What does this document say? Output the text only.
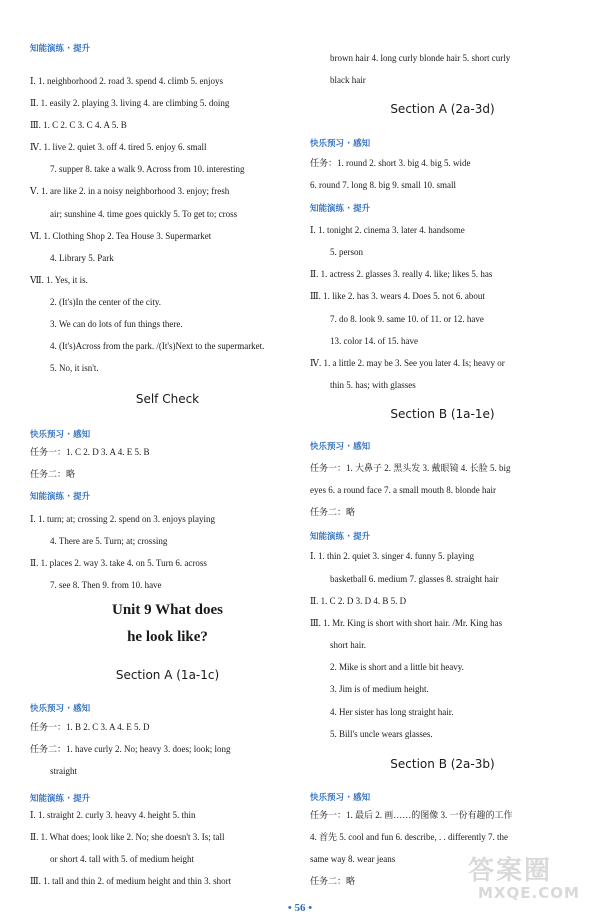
知能演练 · 提升
Ⅰ. 1. neighborhood 2. road 3. spend 4. climb 5. enjoys
Ⅱ. 1. easily 2. playing 3. living 4. are climbing 5. doing
Ⅲ. 1. C 2. C 3. C 4. A 5. B
Ⅳ. 1. live 2. quiet 3. off 4. tired 5. enjoy 6. small
7. supper 8. take a walk 9. Across from 10. interesting
Ⅴ. 1. are like 2. in a noisy neighborhood 3. enjoy; fresh
air; sunshine 4. time goes quickly 5. To get to; cross
Ⅵ. 1. Clothing Shop 2. Tea House 3. Supermarket
4. Library 5. Park
Ⅶ. 1. Yes, it is.
2. (It's)In the center of the city.
3. We can do lots of fun things there.
4. (It's)Across from the park. /(It's)Next to the supermarket.
5. No, it isn't.
Self Check
快乐预习 · 感知
任务一：1. C 2. D 3. A 4. E 5. B
任务二：略
知能演练 · 提升
Ⅰ. 1. turn; at; crossing 2. spend on 3. enjoys playing
4. There are 5. Turn; at; crossing
Ⅱ. 1. places 2. way 3. take 4. on 5. Turn 6. across
7. see 8. Then 9. from 10. have
Unit 9 What does
he look like?
Section A (1a-1c)
快乐预习 · 感知
任务一：1. B 2. C 3. A 4. E 5. D
任务二：1. have curly 2. No; heavy 3. does; look; long
straight
知能演练 · 提升
Ⅰ. 1. straight 2. curly 3. heavy 4. height 5. thin
Ⅱ. 1. What does; look like 2. No; she doesn't 3. Is; tall
or short 4. tall with 5. of medium height
Ⅲ. 1. tall and thin 2. of medium height and thin 3. short
brown hair 4. long curly blonde hair 5. short curly
black hair
Section A (2a-3d)
快乐预习 · 感知
任务：1. round 2. short 3. big 4. big 5. wide
6. round 7. long 8. big 9. small 10. small
知能演练 · 提升
Ⅰ. 1. tonight 2. cinema 3. later 4. handsome
5. person
Ⅱ. 1. actress 2. glasses 3. really 4. like; likes 5. has
Ⅲ. 1. like 2. has 3. wears 4. Does 5. not 6. about
7. do 8. look 9. same 10. of 11. or 12. have
13. color 14. of 15. have
Ⅳ. 1. a little 2. may be 3. See you later 4. Is; heavy or
thin 5. has; with glasses
Section B (1a-1e)
快乐预习 · 感知
任务一：1. 大鼻子 2. 黑头发 3. 戴眼镜 4. 长脸 5. big
eyes 6. a round face 7. a small mouth 8. blonde hair
任务二：略
知能演练 · 提升
Ⅰ. 1. thin 2. quiet 3. singer 4. funny 5. playing
basketball 6. medium 7. glasses 8. straight hair
Ⅱ. 1. C 2. D 3. D 4. B 5. D
Ⅲ. 1. Mr. King is short with short hair. /Mr. King has
short hair.
2. Mike is short and a little bit heavy.
3. Jim is of medium height.
4. Her sister has long straight hair.
5. Bill's uncle wears glasses.
Section B (2a-3b)
快乐预习 · 感知
任务一：1. 最后 2. 画……的图像 3. 一份有趣的工作
4. 首先 5. cool and fun 6. describe, . . differently 7. the
same way 8. wear jeans
任务二：略	答案圈
MXQE.COM
• 56 •
